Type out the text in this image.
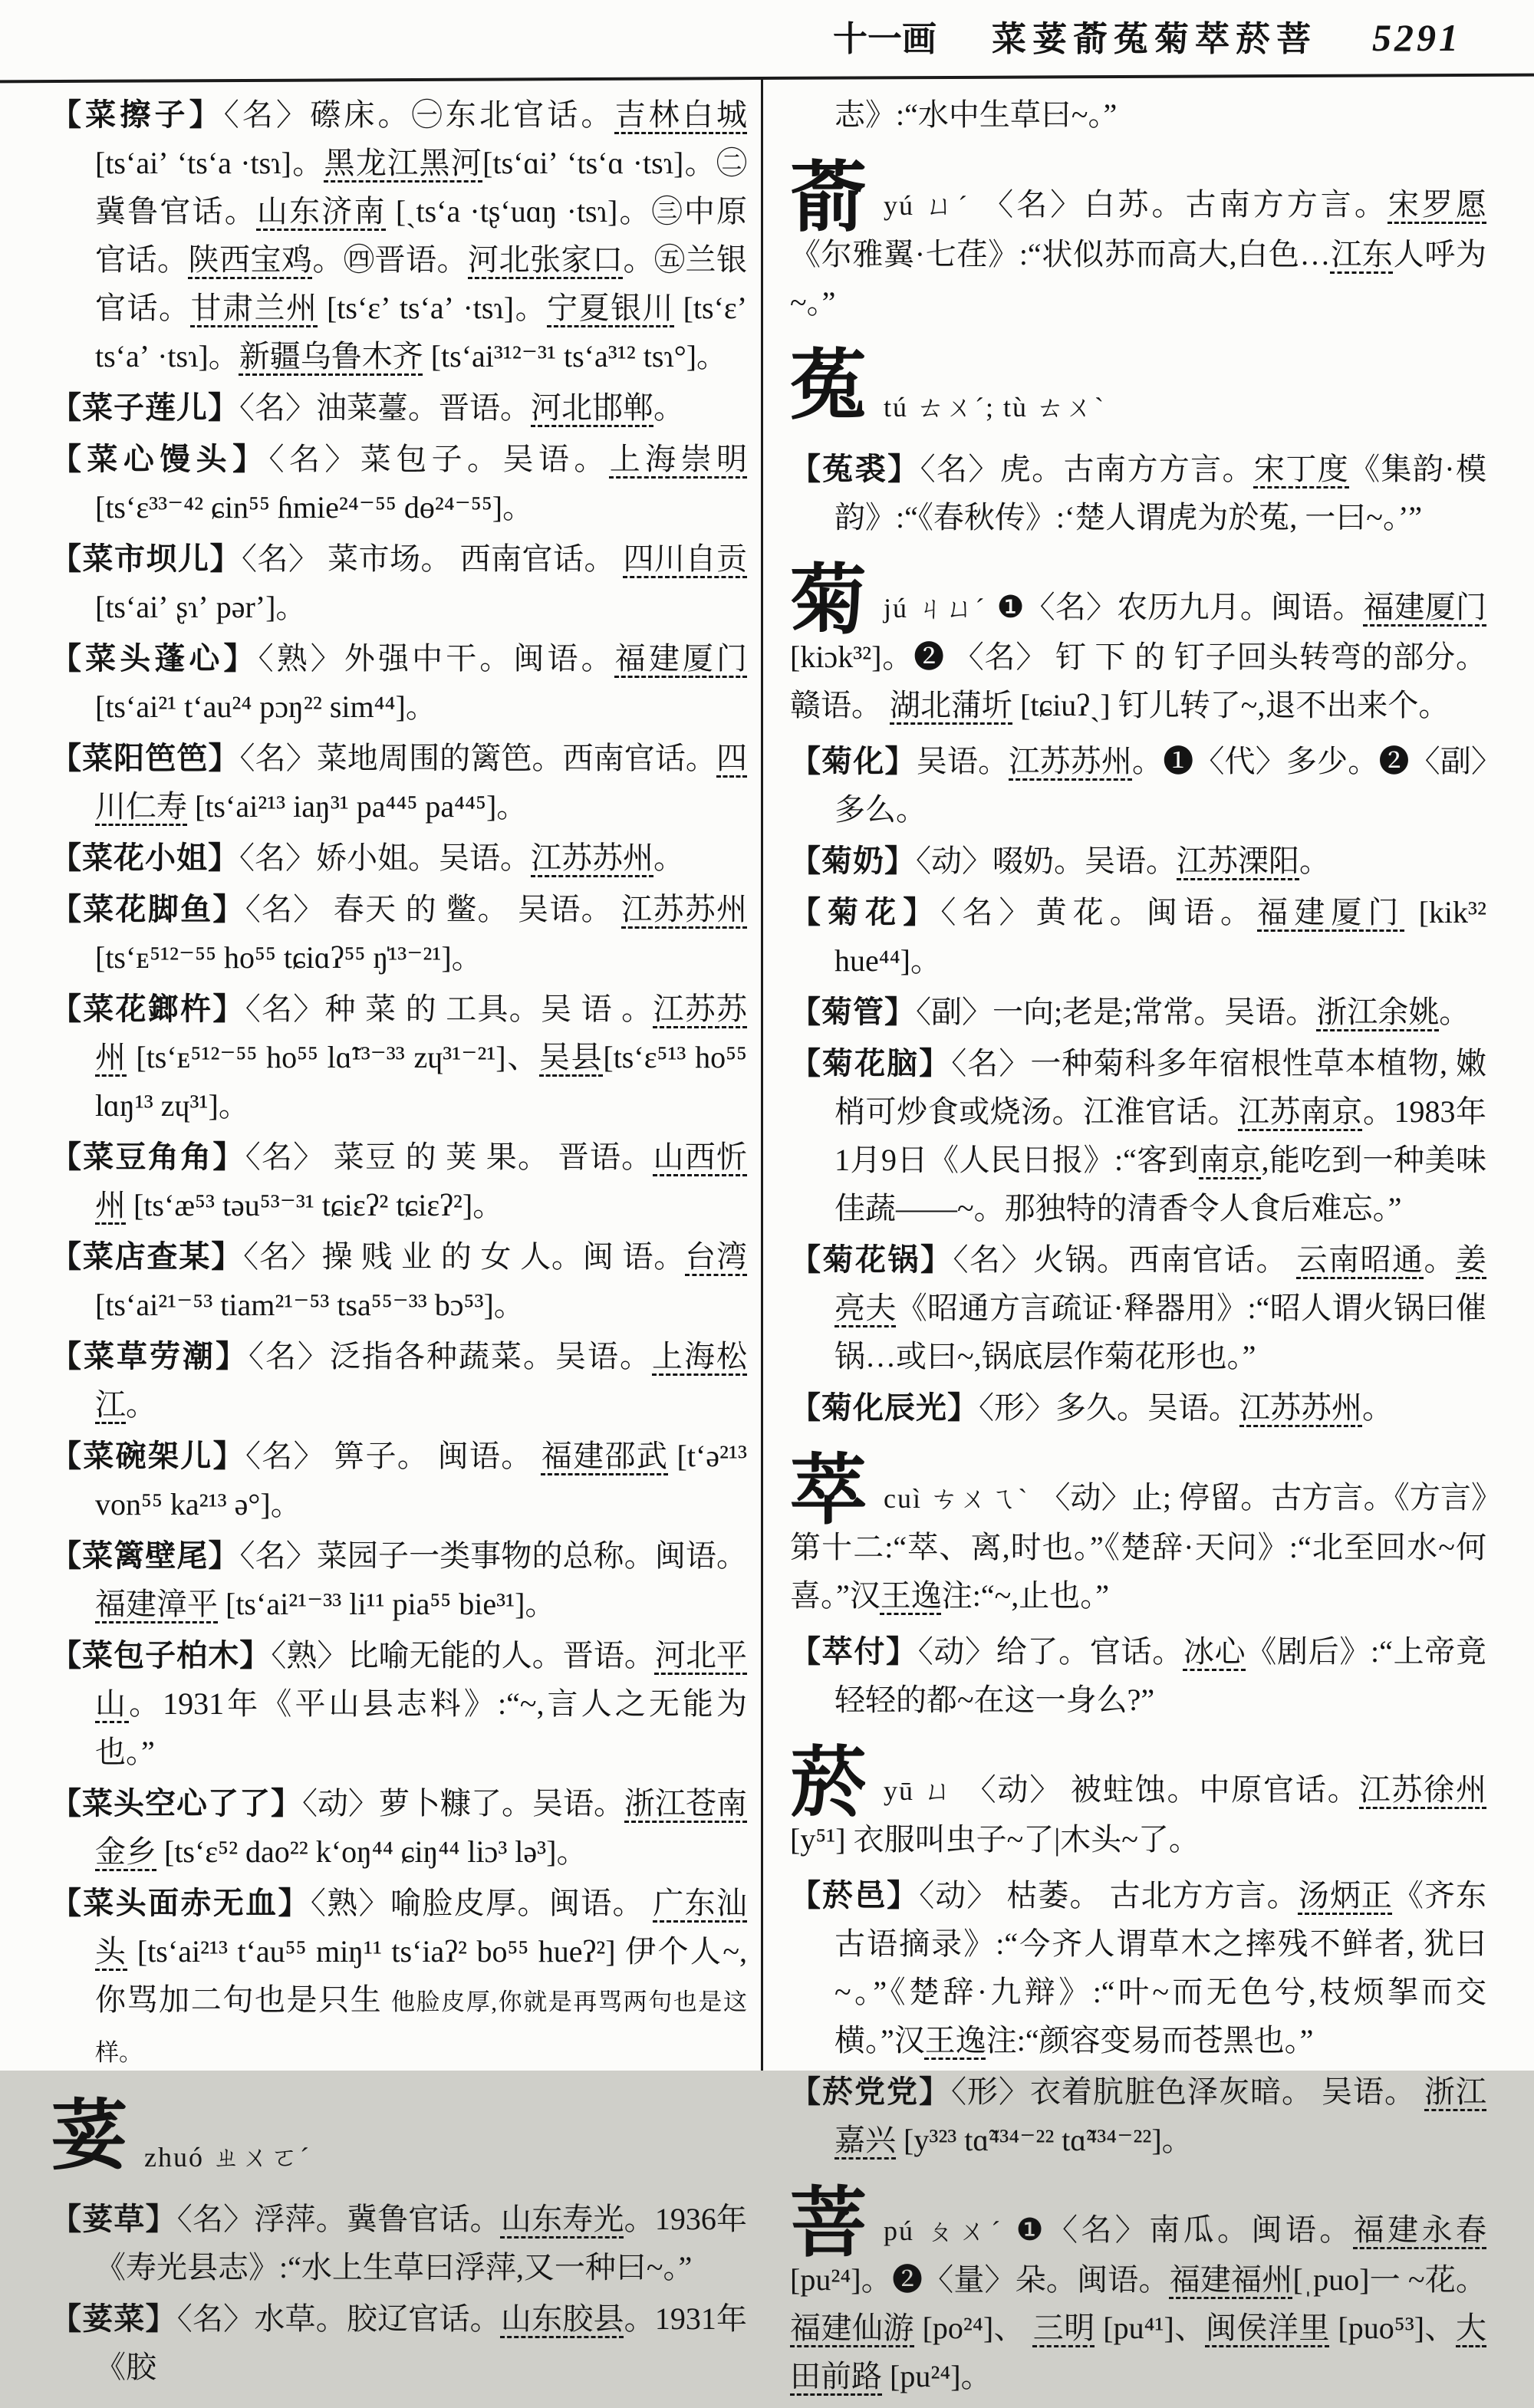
十一画 菜荽萮菟菊萃菸菩 5291

【菜擦子】〈名〉礤床。㊀东北官话。吉林白城[tsʻaiʼ ʻtsʻa ·tsɿ]。黑龙江黑河[tsʻɑiʼ ʻtsʻɑ ·tsɿ]。㊁冀鲁官话。山东济南 [ˎtsʻa ·tʂʻuɑŋ ·tsɿ]。㊂中原官话。陕西宝鸡。㊃晋语。河北张家口。㊄兰银官话。甘肃兰州 [tsʻɛʼ tsʻaʼ ·tsɿ]。宁夏银川 [tsʻɛʼ tsʻaʼ ·tsɿ]。新疆乌鲁木齐 [tsʻai³¹²⁻³¹ tsʻa³¹² tsɿ°]。

【菜子莲儿】〈名〉油菜薹。晋语。河北邯郸。

【菜心馒头】〈名〉菜包子。吴语。上海崇明 [tsʻɛ³³⁻⁴² ɕin⁵⁵ ɦmie²⁴⁻⁵⁵ dɵ²⁴⁻⁵⁵]。

【菜市坝儿】〈名〉 菜市场。 西南官话。 四川自贡 [tsʻaiʼ ʂɿʼ pərʼ]。

【菜头蓬心】〈熟〉外强中干。闽语。福建厦门[tsʻai²¹ tʻau²⁴ pɔŋ²² sim⁴⁴]。

【菜阳笆笆】〈名〉菜地周围的篱笆。西南官话。四川仁寿 [tsʻai²¹³ iaŋ³¹ pa⁴⁴⁵ pa⁴⁴⁵]。

【菜花小姐】〈名〉娇小姐。吴语。江苏苏州。

【菜花脚鱼】〈名〉 春天 的 鳖。 吴语。 江苏苏州 [tsʻᴇ⁵¹²⁻⁵⁵ ho⁵⁵ tɕiɑʔ⁵⁵ ŋ̍¹³⁻²¹]。

【菜花鎯杵】〈名〉种 菜 的 工具。吴 语 。江苏苏州 [tsʻᴇ⁵¹²⁻⁵⁵ ho⁵⁵ lɑ̃¹³⁻³³ zɥ³¹⁻²¹]、吴县[tsʻɛ⁵¹³ ho⁵⁵ lɑŋ¹³ zɥ³¹]。

【菜豆角角】〈名〉 菜豆 的 荚 果。 晋语。山西忻州 [tsʻæ⁵³ təu⁵³⁻³¹ tɕiɛʔ² tɕiɛʔ²]。

【菜店查某】〈名〉操 贱 业 的 女 人。闽 语。台湾 [tsʻai²¹⁻⁵³ tiam²¹⁻⁵³ tsa⁵⁵⁻³³ bɔ⁵³]。

【菜草劳潮】〈名〉泛指各种蔬菜。吴语。上海松江。

【菜碗架儿】〈名〉 箅子。 闽语。 福建邵武 [tʻə²¹³ von⁵⁵ ka²¹³ ə°]。

【菜篱壁尾】〈名〉菜园子一类事物的总称。闽语。福建漳平 [tsʻai²¹⁻³³ li¹¹ pia⁵⁵ bie³¹]。

【菜包子柏木】〈熟〉比喻无能的人。晋语。河北平山。1931年《平山县志料》:“~,言人之无能为也。”

【菜头空心了了】〈动〉萝卜糠了。吴语。浙江苍南金乡 [tsʻɛ⁵² dao²² kʻoŋ⁴⁴ ɕiŋ⁴⁴ liɔ³ lə³]。

【菜头面赤无血】〈熟〉喻脸皮厚。闽语。 广东汕头 [tsʻai²¹³ tʻau⁵⁵ miŋ¹¹ tsʻiaʔ² bo⁵⁵ hueʔ²] 伊个人~, 你骂加二句也是只生 他脸皮厚,你就是再骂两句也是这样。

荽 zhuó ㄓㄨㄛˊ

【荽草】〈名〉浮萍。冀鲁官话。山东寿光。1936年《寿光县志》:“水上生草曰浮萍,又一种曰~。”

【荽菜】〈名〉水草。胶辽官话。山东胶县。1931年《胶

志》:“水中生草曰~。”

萮 yú ㄩˊ 〈名〉白苏。古南方方言。宋罗愿《尔雅翼·七荏》:“状似苏而高大,白色…江东人呼为~。”

菟 tú ㄊㄨˊ; tù ㄊㄨˋ

【菟裘】〈名〉虎。古南方方言。宋丁度《集韵·模韵》:“《春秋传》:‘楚人谓虎为於菟, 一曰~。’”

菊 jú ㄐㄩˊ ❶〈名〉农历九月。闽语。福建厦门[kiɔk³²]。❷ 〈名〉 钉 下 的 钉子回头转弯的部分。赣语。 湖北蒲圻 [tɕiuʔˎ] 钉儿转了~,退不出来个。

【菊化】吴语。江苏苏州。❶〈代〉多少。❷〈副〉多么。

【菊奶】〈动〉啜奶。吴语。江苏溧阳。

【菊花】〈名〉黄花。闽语。福建厦门 [kik³² hue⁴⁴]。

【菊管】〈副〉一向;老是;常常。吴语。浙江余姚。

【菊花脑】〈名〉一种菊科多年宿根性草本植物, 嫩梢可炒食或烧汤。江淮官话。江苏南京。1983年1月9日《人民日报》:“客到南京,能吃到一种美味佳蔬——~。那独特的清香令人食后难忘。”

【菊花锅】〈名〉火锅。西南官话。 云南昭通。姜亮夫《昭通方言疏证·释器用》:“昭人谓火锅曰催锅…或曰~,锅底层作菊花形也。”

【菊化辰光】〈形〉多久。吴语。江苏苏州。

萃 cuì ㄘㄨㄟˋ 〈动〉止; 停留。古方言。《方言》第十二:“萃、离,时也。”《楚辞·天问》:“北至回水~何喜。”汉王逸注:“~,止也。”

【萃付】〈动〉给了。官话。冰心《剧后》:“上帝竟轻轻的都~在这一身么?”

菸 yū ㄩ 〈动〉 被蛀蚀。中原官话。江苏徐州 [y⁵¹] 衣服叫虫子~了|木头~了。

【菸邑】〈动〉 枯萎。 古北方方言。汤炳正《齐东古语摘录》:“今齐人谓草木之摔残不鲜者, 犹曰~。”《楚辞·九辩》:“叶~而无色兮,枝烦挐而交横。”汉王逸注:“颜容变易而苍黑也。”

【菸党党】〈形〉衣着肮脏色泽灰暗。 吴语。 浙江嘉兴 [y³²³ tɑ̃⁴³⁴⁻²² tɑ̃⁴³⁴⁻²²]。

菩 pú ㄆㄨˊ ❶〈名〉南瓜。闽语。福建永春 [pu²⁴]。❷〈量〉朵。闽语。福建福州[ˌpuo]一 ~花。 福建仙游 [po²⁴]、 三明 [pu⁴¹]、闽侯洋里 [puo⁵³]、大田前路 [pu²⁴]。
